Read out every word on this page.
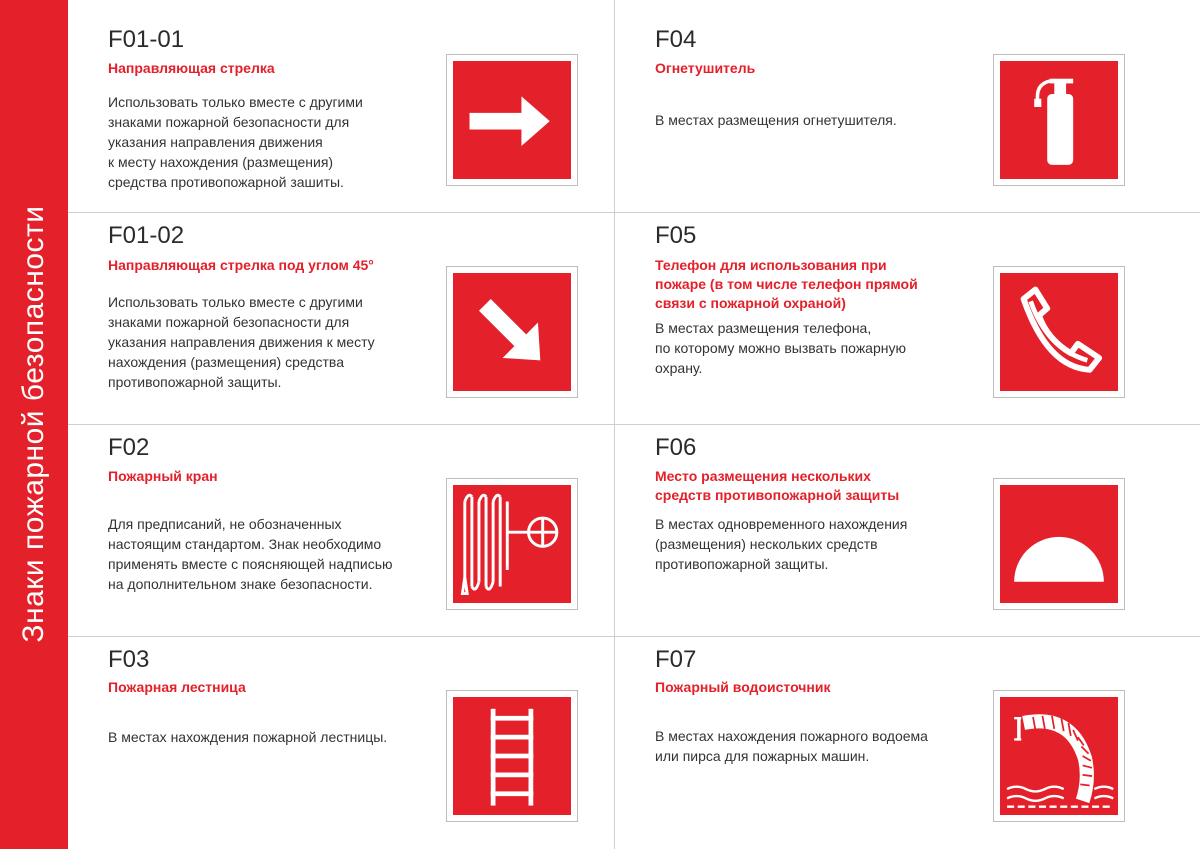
Знаки пожарной безопасности
F01-01
Направляющая стрелка
Использовать только вместе с другими
знаками пожарной безопасности для
указания направления движения
к месту нахождения (размещения)
средства противопожарной зашиты.
F04
Огнетушитель
В местах размещения огнетушителя.
F01-02
Направляющая стрелка под углом 45°
Использовать только вместе с другими
знаками пожарной безопасности для
указания направления движения к месту
нахождения (размещения) средства
противопожарной защиты.
F05
Телефон для использования при
пожаре (в том числе телефон прямой
связи с пожарной охраной)
В местах размещения телефона,
по которому можно вызвать пожарную
охрану.
F02
Пожарный кран
Для предписаний, не обозначенных
настоящим стандартом. Знак необходимо
применять вместе с поясняющей надписью
на дополнительном знаке безопасности.
F06
Место размещения нескольких
средств противопожарной защиты
В местах одновременного нахождения
(размещения) нескольких средств
противопожарной защиты.
F03
Пожарная лестница
В местах нахождения пожарной лестницы.
F07
Пожарный водоисточник
В местах нахождения пожарного водоема
или пирса для пожарных машин.
